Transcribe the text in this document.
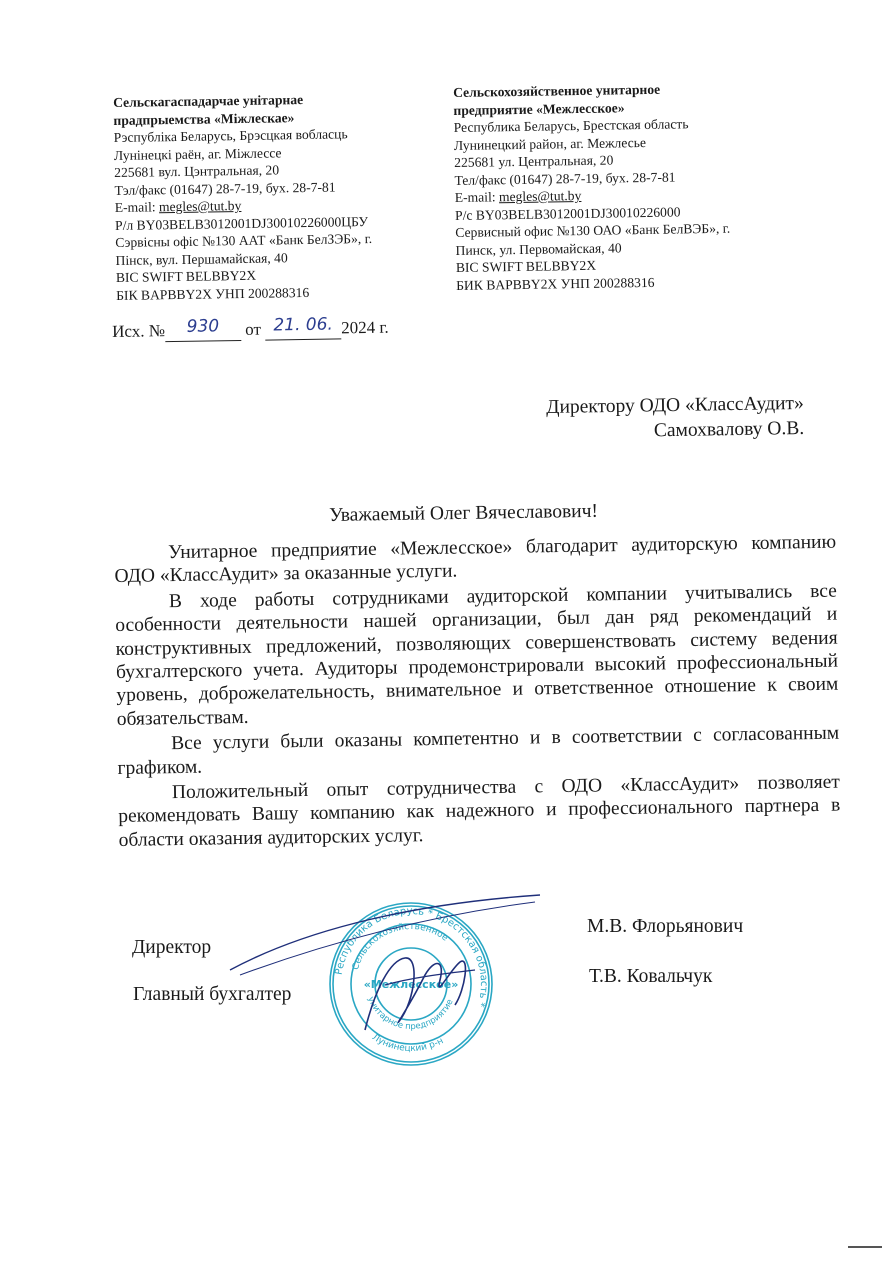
Сельскагаспадарчае унітарнае
прадпрыемства «Міжлескае»
Рэспубліка Беларусь, Брэсцкая вобласць
Лунінецкі раён, аг. Міжлессе
225681 вул. Цэнтральная, 20
Тэл/факс (01647) 28-7-19, бух. 28-7-81
E-mail: megles@tut.by
Р/л BY03BELB3012001DJ30010226000ЦБУ
Сэрвісны офіс №130 ААТ «Банк БелЗЭБ», г.
Пінск, вул. Першамайская, 40
BIC SWIFT BELBBY2X
БІК BAPBBY2X УНП 200288316
Сельскохозяйственное унитарное
предприятие «Межлесское»
Республика Беларусь, Брестская область
Лунинецкий район, аг. Межлесье
225681 ул. Центральная, 20
Тел/факс (01647) 28-7-19, бух. 28-7-81
E-mail: megles@tut.by
Р/с BY03BELB3012001DJ30010226000
Сервисный офис №130 ОАО «Банк БелВЭБ», г.
Пинск, ул. Первомайская, 40
BIC SWIFT BELBBY2X
БИК BAPBBY2X УНП 200288316
Исх. № 930 от 21. 06. 2024 г.
Директору ОДО «КлассАудит»
Самохвалову О.В.
Уважаемый Олег Вячеславович!

Унитарное предприятие «Межлесское» благодарит аудиторскую компанию ОДО «КлассАудит» за оказанные услуги.

В ходе работы сотрудниками аудиторской компании учитывались все особенности деятельности нашей организации, был дан ряд рекомендаций и конструктивных предложений, позволяющих совершенствовать систему ведения бухгалтерского учета. Аудиторы продемонстрировали высокий профессиональный уровень, доброжелательность, внимательное и ответственное отношение к своим обязательствам.

Все услуги были оказаны компетентно и в соответствии с согласованным графиком.

Положительный опыт сотрудничества с ОДО «КлассАудит» позволяет рекомендовать Вашу компанию как надежного и профессионального партнера в области оказания аудиторских услуг.

Директор
Главный бухгалтер
М.В. Флорьянович
Т.В. Ковальчук
Республика Беларусь * Брестская область *
Сельскохозяйственное
унитарное предприятие
Лунинецкий р-н
«Межлесское»
